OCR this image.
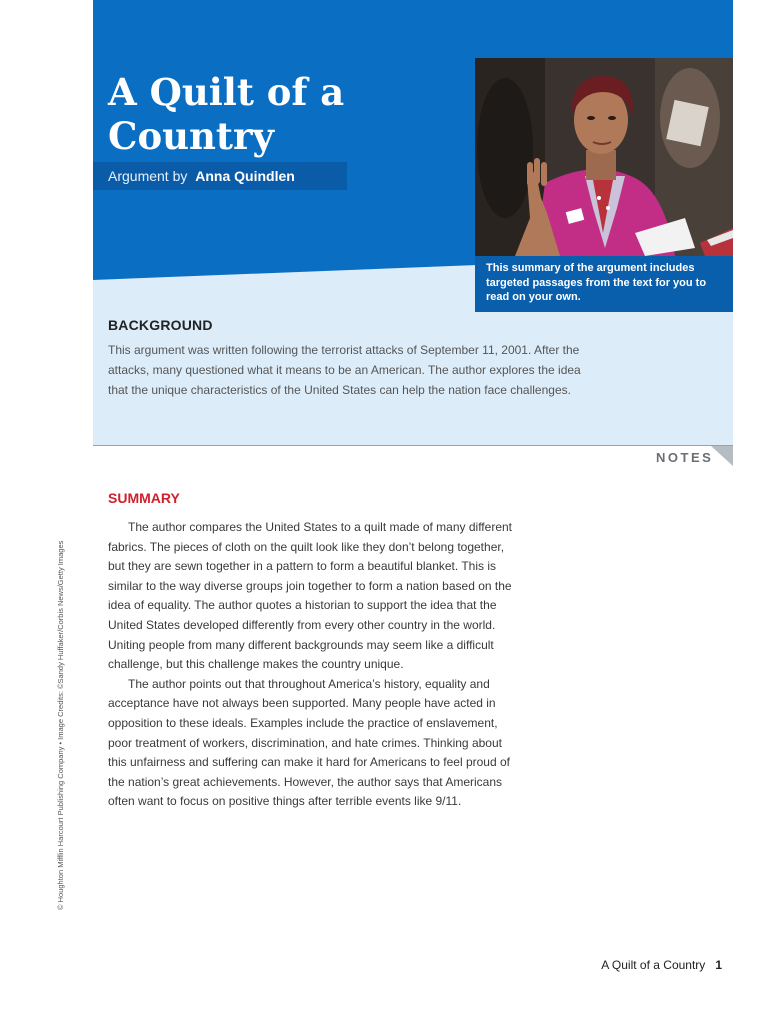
A Quilt of a Country
Argument by Anna Quindlen
This summary of the argument includes targeted passages from the text for you to read on your own.
BACKGROUND
This argument was written following the terrorist attacks of September 11, 2001. After the attacks, many questioned what it means to be an American. The author explores the idea that the unique characteristics of the United States can help the nation face challenges.
NOTES
SUMMARY

The author compares the United States to a quilt made of many different fabrics. The pieces of cloth on the quilt look like they don’t belong together, but they are sewn together in a pattern to form a beautiful blanket. This is similar to the way diverse groups join together to form a nation based on the idea of equality. The author quotes a historian to support the idea that the United States developed differently from every other country in the world. Uniting people from many different backgrounds may seem like a difficult challenge, but this challenge makes the country unique.

The author points out that throughout America’s history, equality and acceptance have not always been supported. Many people have acted in opposition to these ideals. Examples include the practice of enslavement, poor treatment of workers, discrimination, and hate crimes. Thinking about this unfairness and suffering can make it hard for Americans to feel proud of the nation’s great achievements. However, the author says that Americans often want to focus on positive things after terrible events like 9/11.

© Houghton Mifflin Harcourt Publishing Company • Image Credits: ©Sandy Huffaker/Corbis News/Getty Images
A Quilt of a Country 1
